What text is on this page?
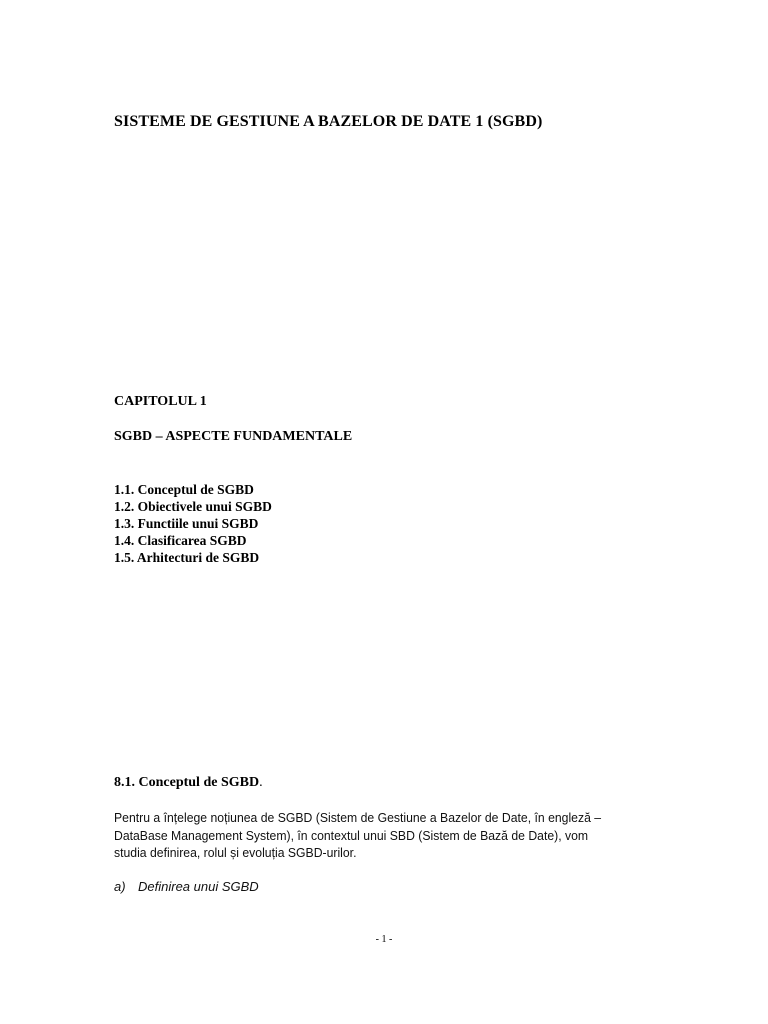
SISTEME DE GESTIUNE A BAZELOR DE DATE 1 (SGBD)
CAPITOLUL 1
SGBD – ASPECTE FUNDAMENTALE
1.1. Conceptul de SGBD
1.2. Obiectivele unui SGBD
1.3. Functiile unui SGBD
1.4. Clasificarea SGBD
1.5. Arhitecturi de SGBD
8.1. Conceptul de SGBD.
Pentru a înțelege noțiunea de SGBD (Sistem de Gestiune a Bazelor de Date, în engleză –
DataBase Management System), în contextul unui SBD (Sistem de Bază de Date), vom
studia definirea, rolul și evoluția SGBD-urilor.
a) Definirea unui SGBD
- 1 -
